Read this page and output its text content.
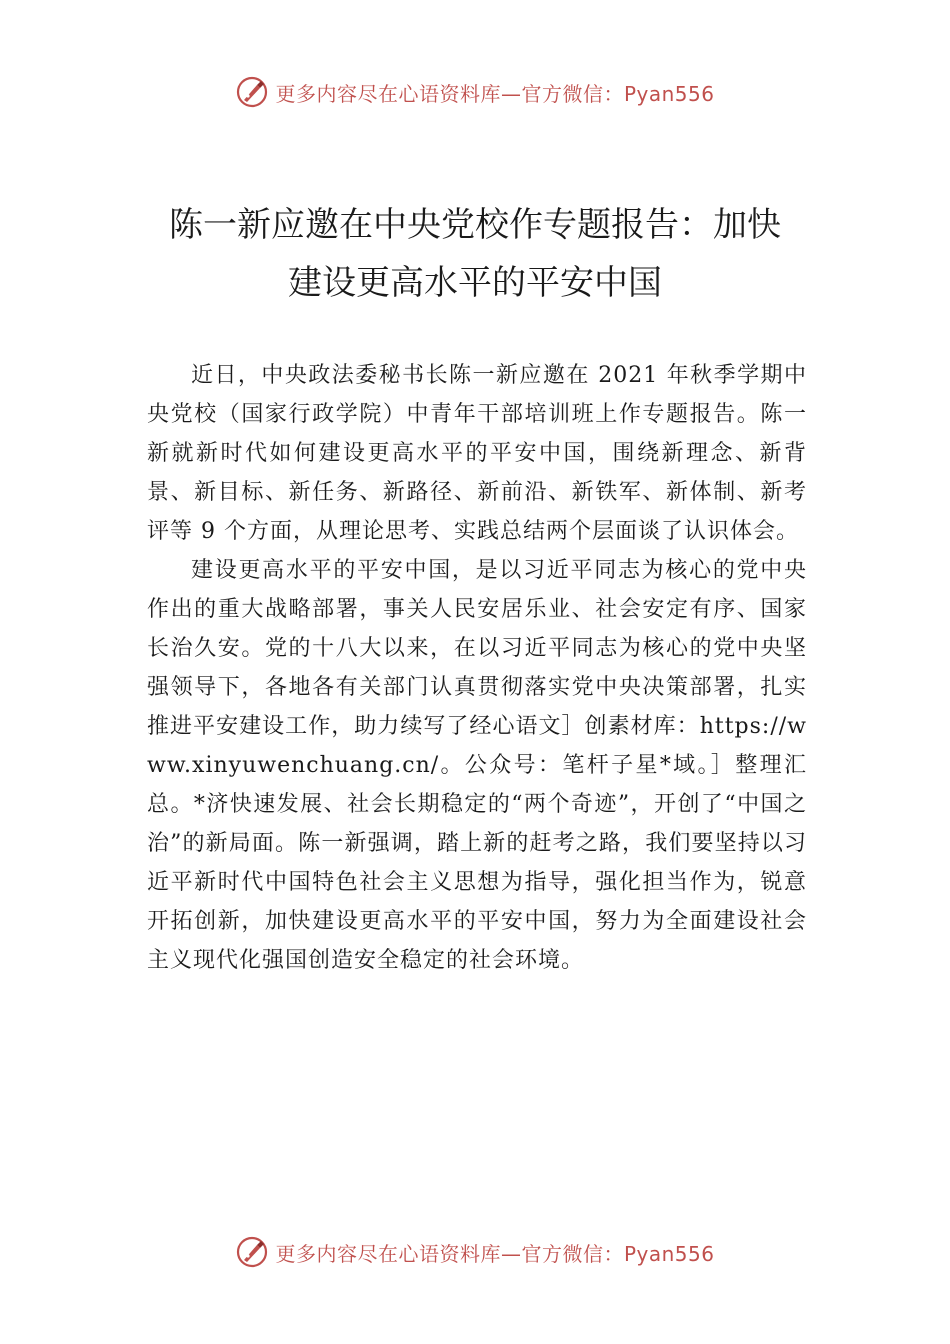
更多内容尽在心语资料库—官方微信：Pyan556
陈一新应邀在中央党校作专题报告：加快
建设更高水平的平安中国

近日，中央政法委秘书长陈一新应邀在 2021 年秋季学期中央党校（国家行政学院）中青年干部培训班上作专题报告。陈一新就新时代如何建设更高水平的平安中国，围绕新理念、新背景、新目标、新任务、新路径、新前沿、新铁军、新体制、新考评等 9 个方面，从理论思考、实践总结两个层面谈了认识体会。

建设更高水平的平安中国，是以习近平同志为核心的党中央作出的重大战略部署，事关人民安居乐业、社会安定有序、国家长治久安。党的十八大以来，在以习近平同志为核心的党中央坚强领导下，各地各有关部门认真贯彻落实党中央决策部署，扎实推进平安建设工作，助力续写了经心语文］创素材库：https://www.xinyuwenchuang.cn/。公众号：笔杆子星*域。］整理汇总。*济快速发展、社会长期稳定的“两个奇迹”，开创了“中国之治”的新局面。陈一新强调，踏上新的赶考之路，我们要坚持以习近平新时代中国特色社会主义思想为指导，强化担当作为，锐意开拓创新，加快建设更高水平的平安中国，努力为全面建设社会主义现代化强国创造安全稳定的社会环境。

更多内容尽在心语资料库—官方微信：Pyan556
